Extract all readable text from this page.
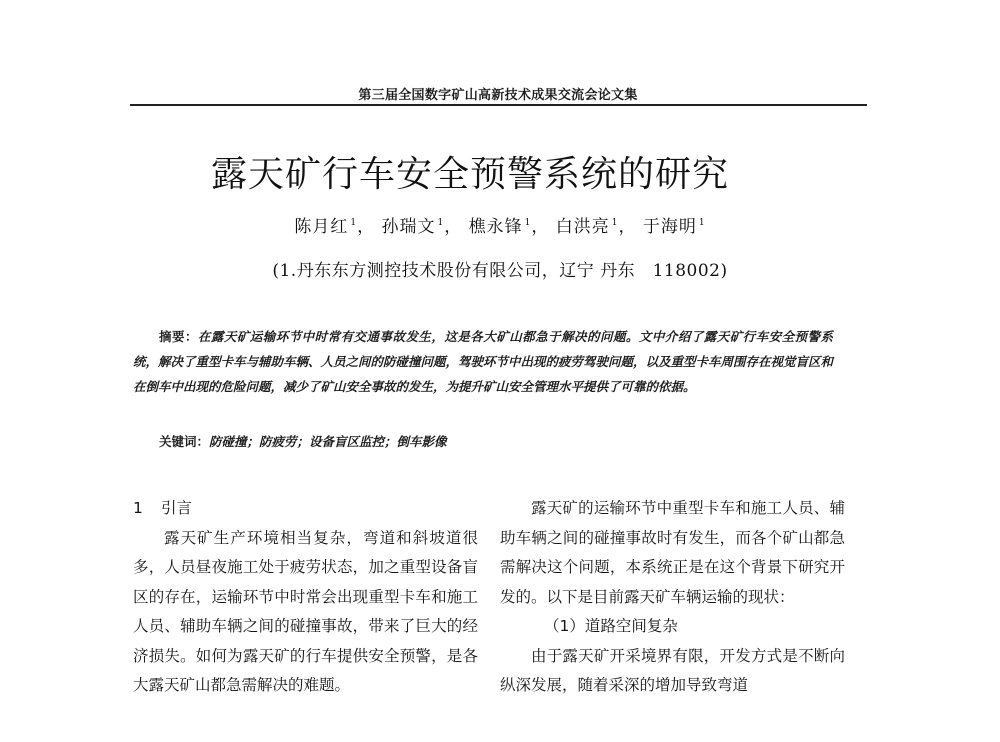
第三届全国数字矿山高新技术成果交流会论文集
露天矿行车安全预警系统的研究
陈月红 $^1$， 孙瑞文 $^1$， 樵永锋 $^1$， 白洪亮 $^1$， 于海明 $^1$
(1.丹东东方测控技术股份有限公司，辽宁 丹东　118002)
摘要：在露天矿运输环节中时常有交通事故发生，这是各大矿山都急于解决的问题。文中介绍了露天矿行车安全预警系统，解决了重型卡车与辅助车辆、人员之间的防碰撞问题，驾驶环节中出现的疲劳驾驶问题，以及重型卡车周围存在视觉盲区和在倒车中出现的危险问题，减少了矿山安全事故的发生，为提升矿山安全管理水平提供了可靠的依据。
关键词：防碰撞；防疲劳；设备盲区监控；倒车影像
1 引言

露天矿生产环境相当复杂，弯道和斜坡道很多，人员昼夜施工处于疲劳状态，加之重型设备盲区的存在，运输环节中时常会出现重型卡车和施工人员、辅助车辆之间的碰撞事故，带来了巨大的经济损失。如何为露天矿的行车提供安全预警，是各大露天矿山都急需解决的难题。

露天矿的运输环节中重型卡车和施工人员、辅助车辆之间的碰撞事故时有发生，而各个矿山都急需解决这个问题，本系统正是在这个背景下研究开发的。以下是目前露天矿车辆运输的现状：

（1）道路空间复杂

由于露天矿开采境界有限，开发方式是不断向纵深发展，随着采深的增加导致弯道
